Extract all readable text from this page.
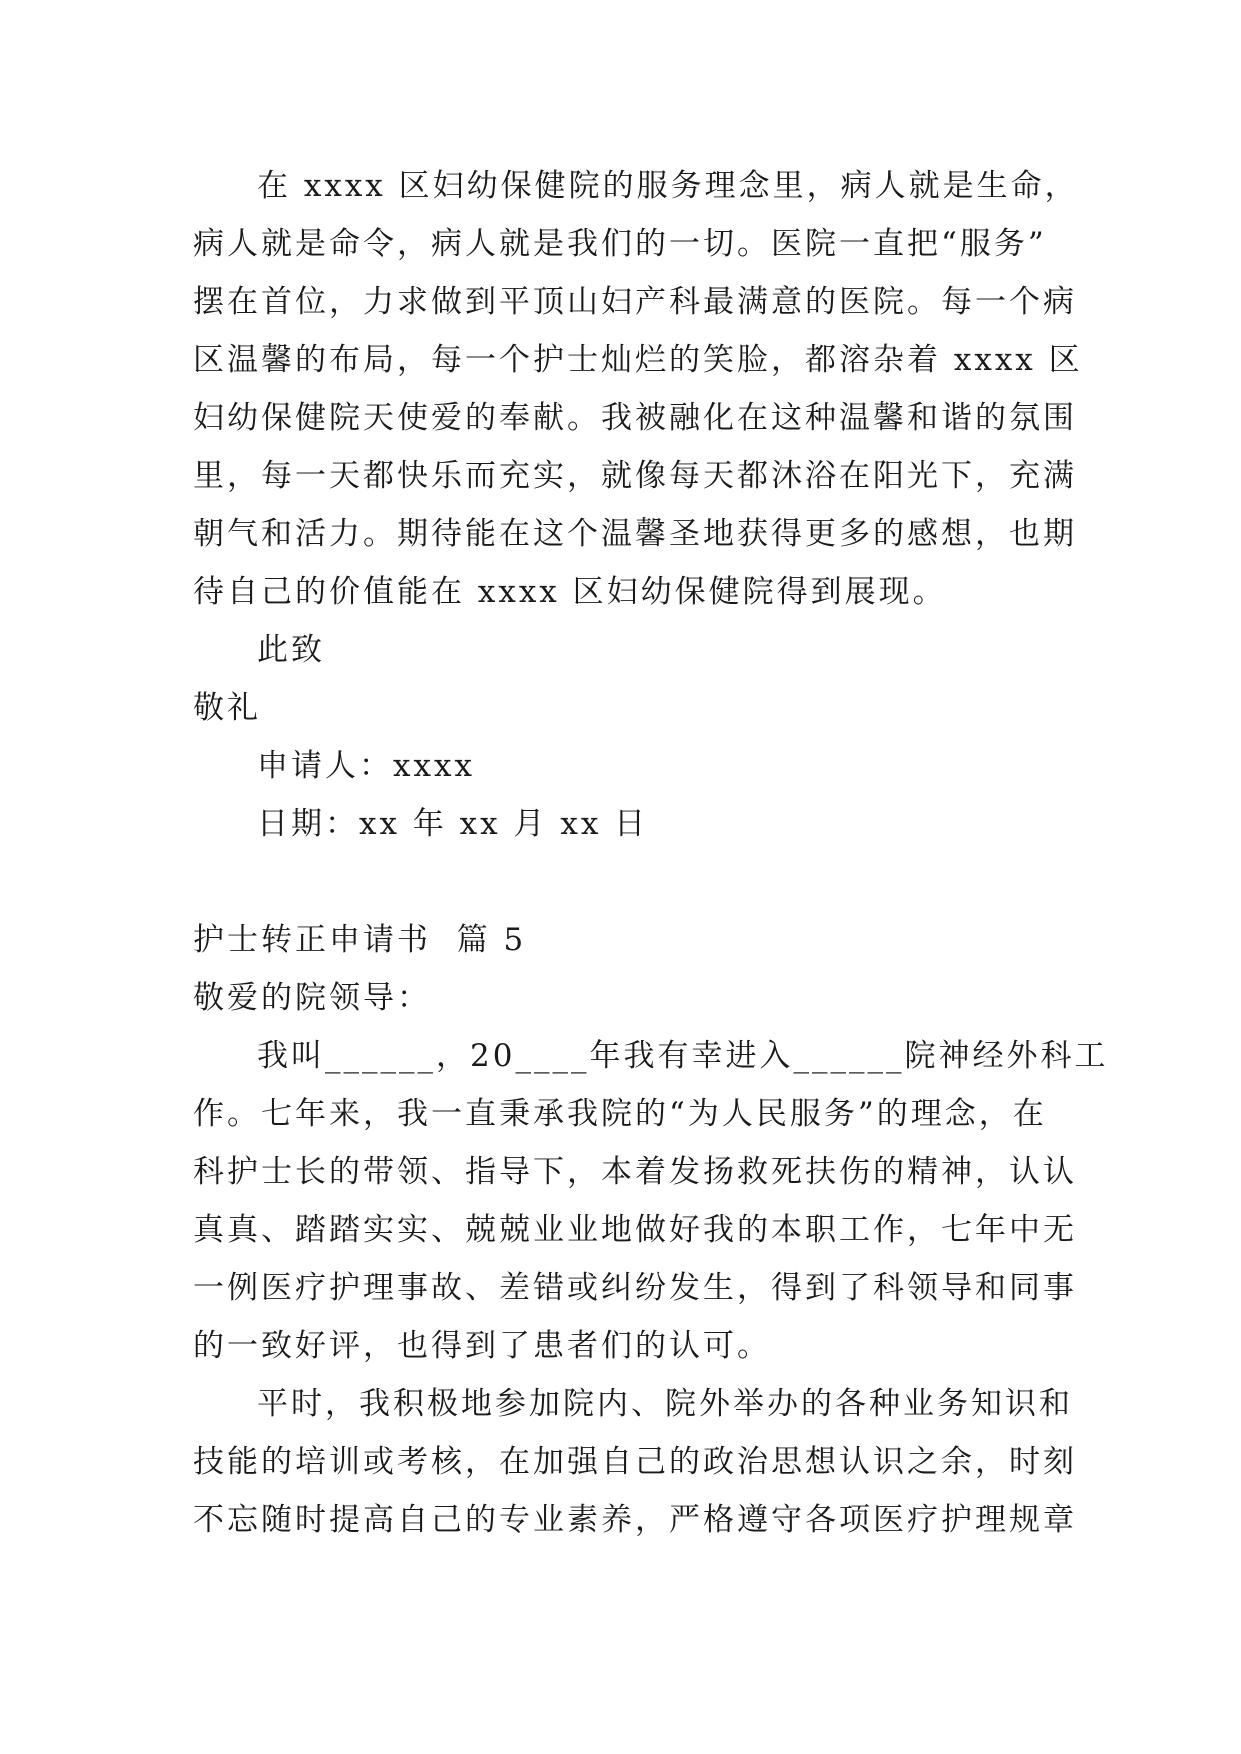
在 xxxx 区妇幼保健院的服务理念里，病人就是生命，
病人就是命令，病人就是我们的一切。医院一直把“服务”
摆在首位，力求做到平顶山妇产科最满意的医院。每一个病
区温馨的布局，每一个护士灿烂的笑脸，都溶杂着 xxxx 区
妇幼保健院天使爱的奉献。我被融化在这种温馨和谐的氛围
里，每一天都快乐而充实，就像每天都沐浴在阳光下，充满
朝气和活力。期待能在这个温馨圣地获得更多的感想，也期
待自己的价值能在 xxxx 区妇幼保健院得到展现。
此致
敬礼
申请人：xxxx
日期：xx 年 xx 月 xx 日
护士转正申请书  篇 5
敬爱的院领导：
我叫______，20____年我有幸进入______院神经外科工
作。七年来，我一直秉承我院的“为人民服务”的理念，在
科护士长的带领、指导下，本着发扬救死扶伤的精神，认认
真真、踏踏实实、兢兢业业地做好我的本职工作，七年中无
一例医疗护理事故、差错或纠纷发生，得到了科领导和同事
的一致好评，也得到了患者们的认可。
平时，我积极地参加院内、院外举办的各种业务知识和
技能的培训或考核，在加强自己的政治思想认识之余，时刻
不忘随时提高自己的专业素养，严格遵守各项医疗护理规章
